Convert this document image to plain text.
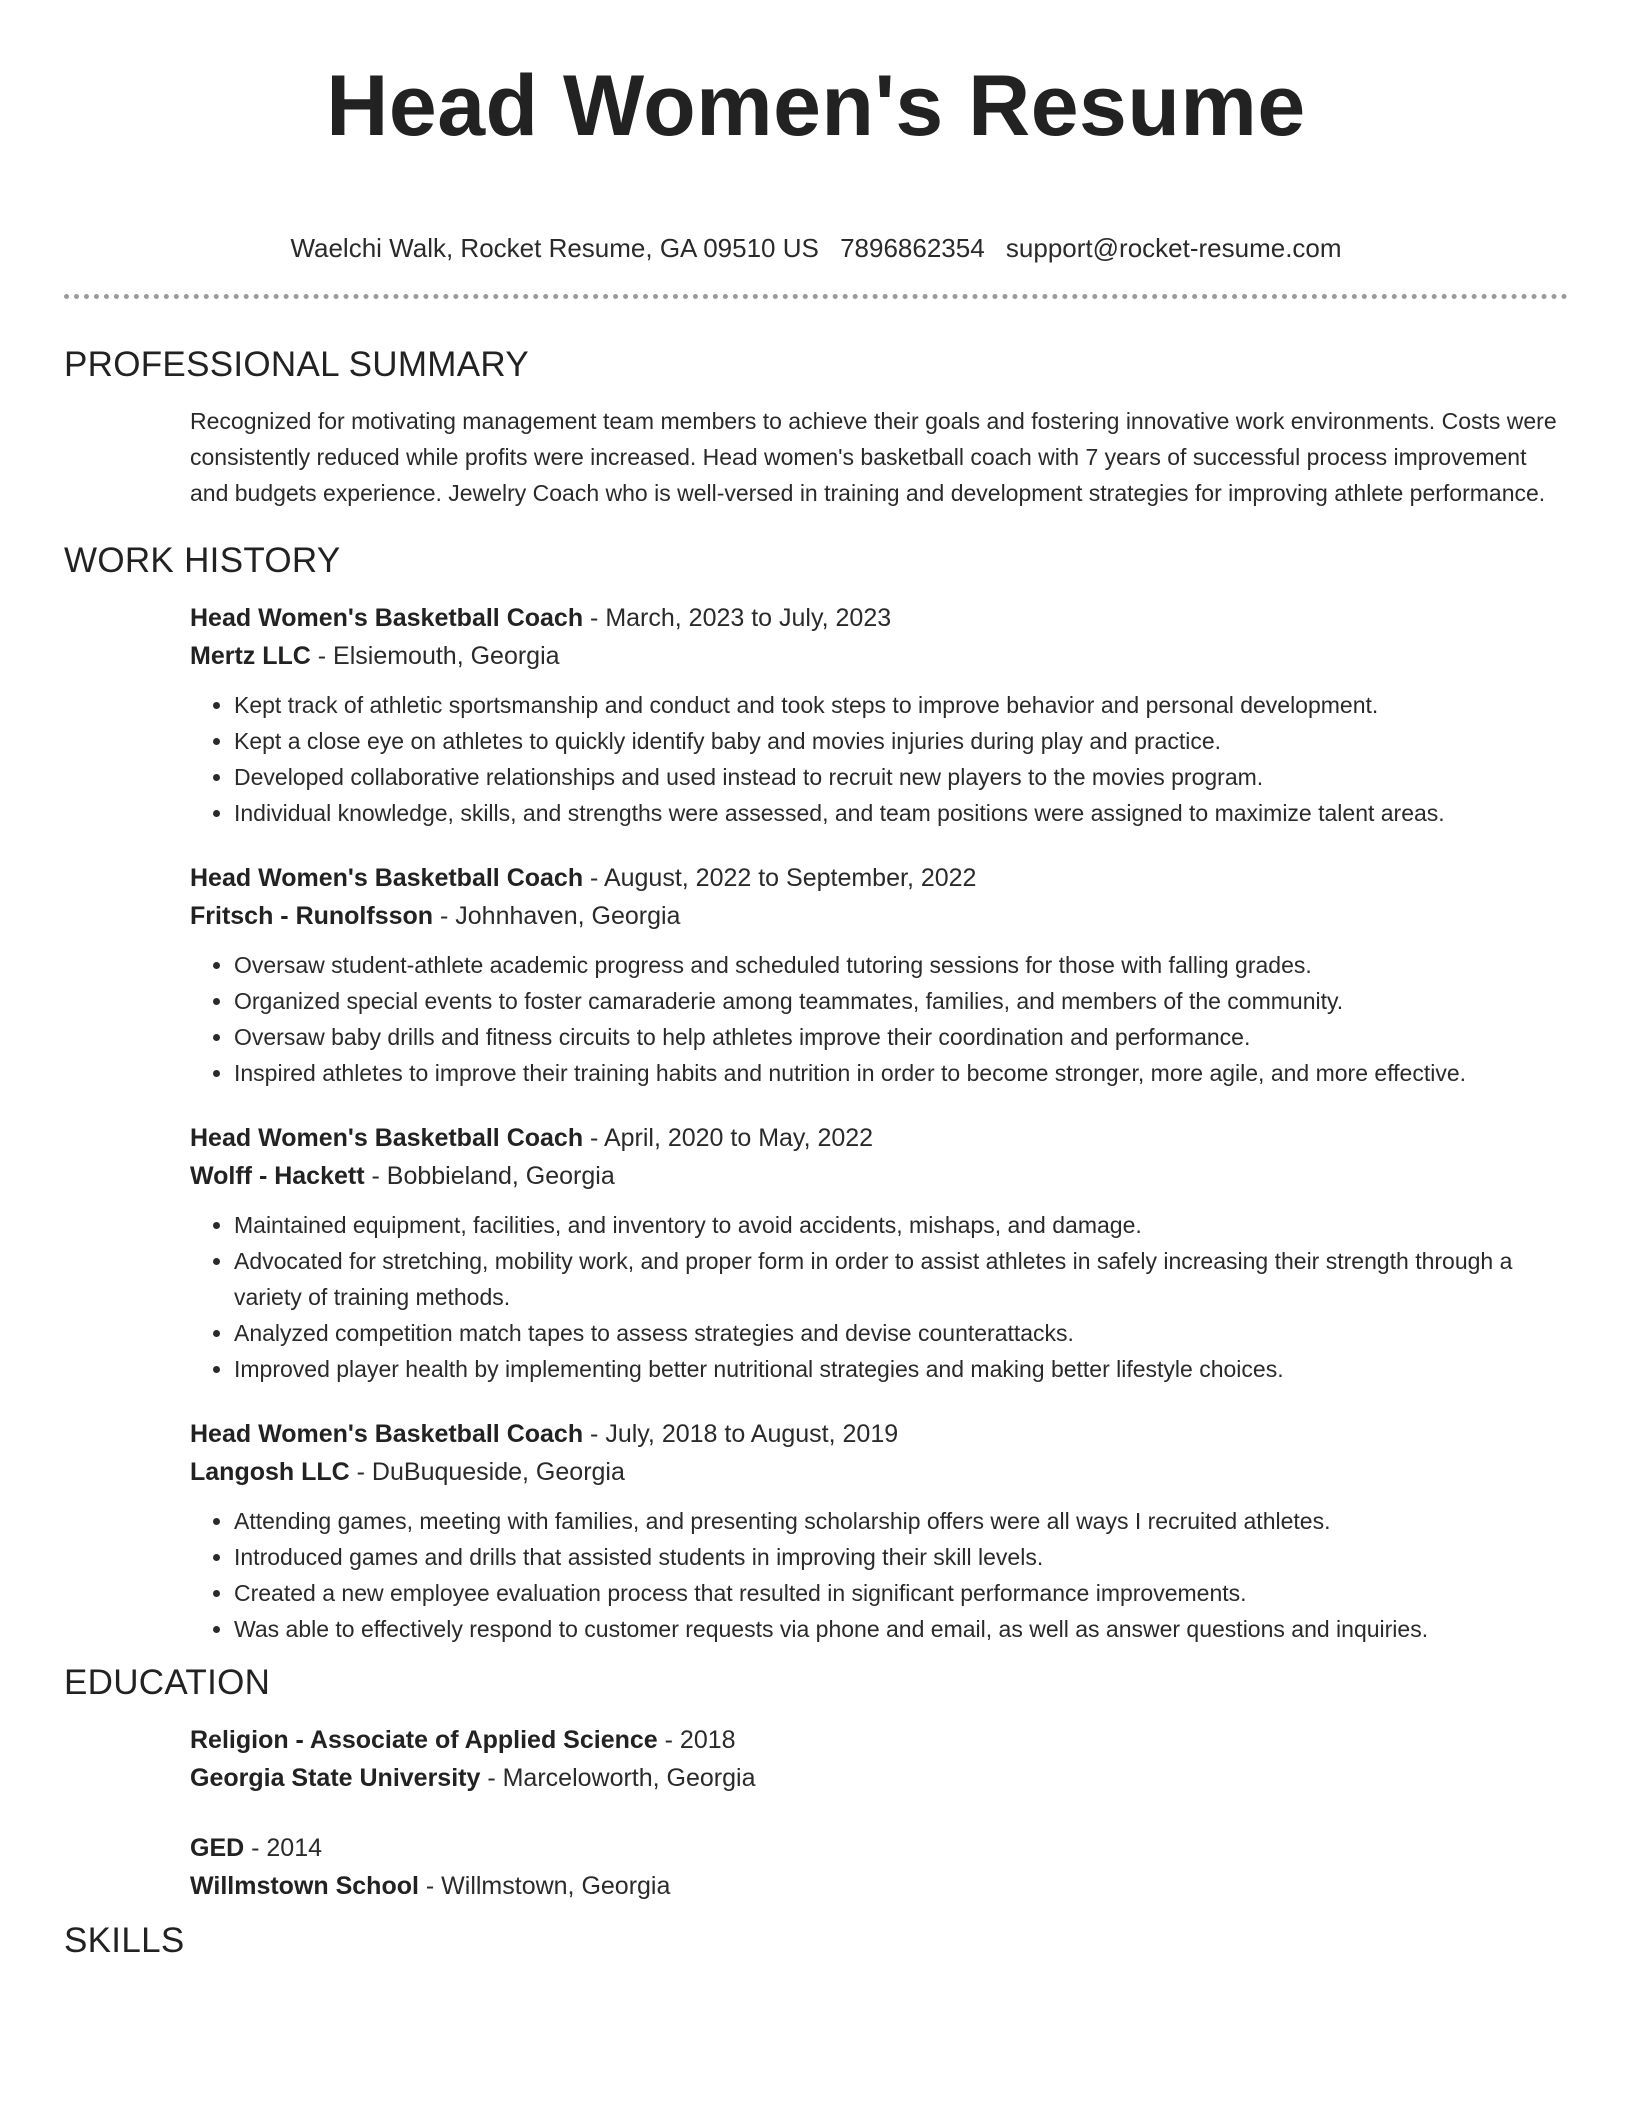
Head Women's Resume
Waelchi Walk, Rocket Resume, GA 09510 US 7896862354 support@rocket-resume.com
PROFESSIONAL SUMMARY

Recognized for motivating management team members to achieve their goals and fostering innovative work environments. Costs were consistently reduced while profits were increased. Head women's basketball coach with 7 years of successful process improvement and budgets experience. Jewelry Coach who is well-versed in training and development strategies for improving athlete performance.

WORK HISTORY
Head Women's Basketball Coach - March, 2023 to July, 2023
Mertz LLC - Elsiemouth, Georgia
• Kept track of athletic sportsmanship and conduct and took steps to improve behavior and personal development.
• Kept a close eye on athletes to quickly identify baby and movies injuries during play and practice.
• Developed collaborative relationships and used instead to recruit new players to the movies program.
• Individual knowledge, skills, and strengths were assessed, and team positions were assigned to maximize talent areas.
Head Women's Basketball Coach - August, 2022 to September, 2022
Fritsch - Runolfsson - Johnhaven, Georgia
• Oversaw student-athlete academic progress and scheduled tutoring sessions for those with falling grades.
• Organized special events to foster camaraderie among teammates, families, and members of the community.
• Oversaw baby drills and fitness circuits to help athletes improve their coordination and performance.
• Inspired athletes to improve their training habits and nutrition in order to become stronger, more agile, and more effective.
Head Women's Basketball Coach - April, 2020 to May, 2022
Wolff - Hackett - Bobbieland, Georgia
• Maintained equipment, facilities, and inventory to avoid accidents, mishaps, and damage.
• Advocated for stretching, mobility work, and proper form in order to assist athletes in safely increasing their strength through a variety of training methods.
• Analyzed competition match tapes to assess strategies and devise counterattacks.
• Improved player health by implementing better nutritional strategies and making better lifestyle choices.
Head Women's Basketball Coach - July, 2018 to August, 2019
Langosh LLC - DuBuqueside, Georgia
• Attending games, meeting with families, and presenting scholarship offers were all ways I recruited athletes.
• Introduced games and drills that assisted students in improving their skill levels.
• Created a new employee evaluation process that resulted in significant performance improvements.
• Was able to effectively respond to customer requests via phone and email, as well as answer questions and inquiries.
EDUCATION
Religion - Associate of Applied Science - 2018
Georgia State University - Marceloworth, Georgia
GED - 2014
Willmstown School - Willmstown, Georgia
SKILLS
